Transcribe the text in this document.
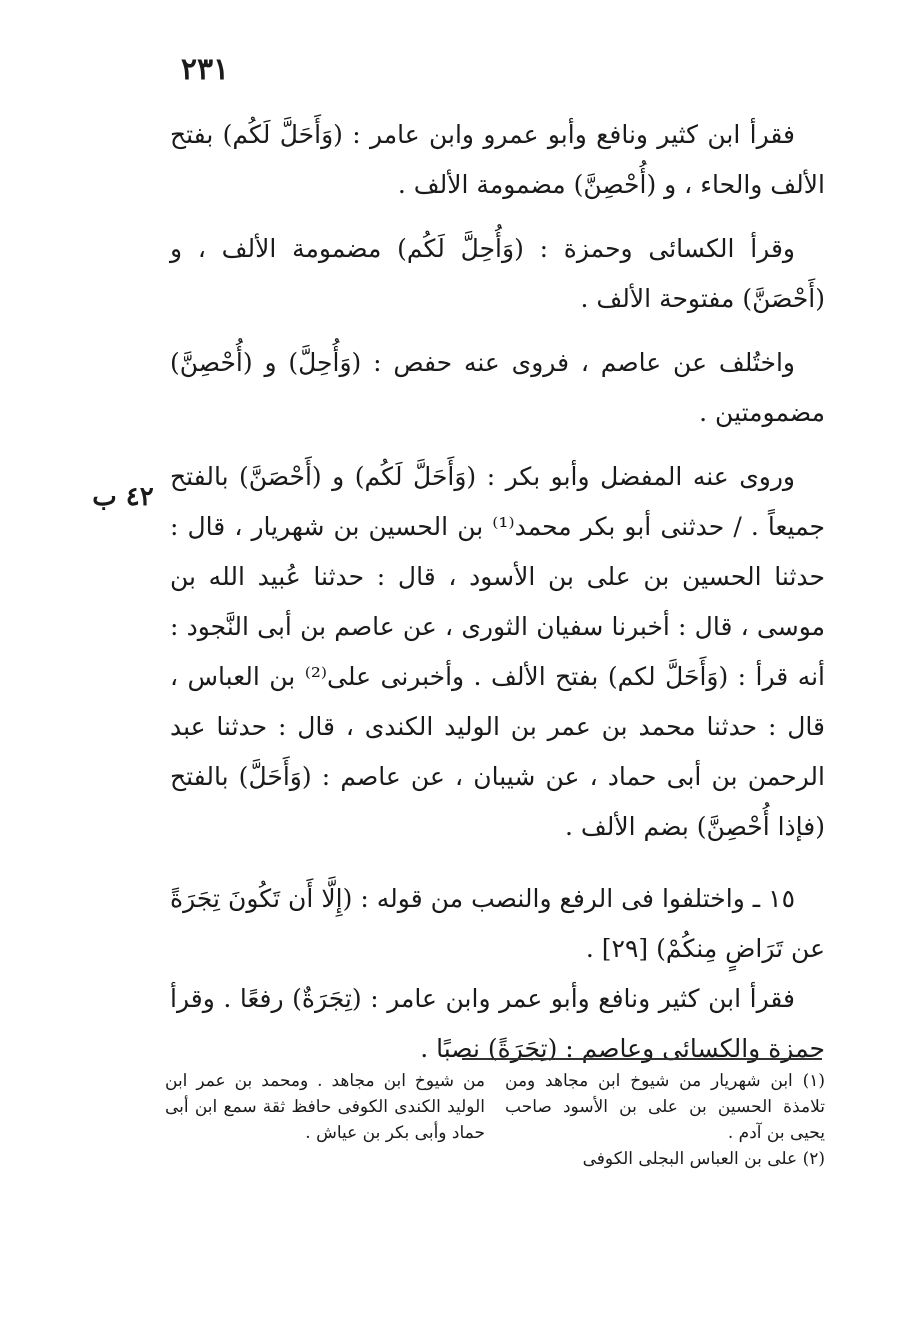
٢٣١
٤٢ ب

فقرأ ابن كثير ونافع وأبو عمرو وابن عامر : (وَأَحَلَّ لَكُم) بفتح الألف والحاء ، و (أُحْصِنَّ) مضمومة الألف .

وقرأ الكسائى وحمزة : (وَأُحِلَّ لَكُم) مضمومة الألف ، و (أَحْصَنَّ) مفتوحة الألف .

واختُلف عن عاصم ، فروى عنه حفص : (وَأُحِلَّ) و (أُحْصِنَّ) مضمومتين .

وروى عنه المفضل وأبو بكر : (وَأَحَلَّ لَكُم) و (أَحْصَنَّ) بالفتح جميعاً . / حدثنى أبو بكر محمد⁽¹⁾ بن الحسين بن شهريار ، قال : حدثنا الحسين بن على بن الأسود ، قال : حدثنا عُبيد الله بن موسى ، قال : أخبرنا سفيان الثورى ، عن عاصم بن أبى النَّجود : أنه قرأ : (وَأَحَلَّ لكم) بفتح الألف . وأخبرنى على⁽²⁾ بن العباس ، قال : حدثنا محمد بن عمر بن الوليد الكندى ، قال : حدثنا عبد الرحمن بن أبى حماد ، عن شيبان ، عن عاصم : (وَأَحَلَّ) بالفتح (فإذا أُحْصِنَّ) بضم الألف .

١٥ ـ واختلفوا فى الرفع والنصب من قوله : (إِلَّا أَن تَكُونَ تِجَرَةً عن تَرَاضٍ مِنكُمْ) [٢٩] .

فقرأ ابن كثير ونافع وأبو عمر وابن عامر : (تِجَرَةٌ) رفعًا . وقرأ حمزة والكسائى وعاصم : (تِجَرَةً) نصبًا .

(١) ابن شهريار من شيوخ ابن مجاهد ومن تلامذة الحسين بن على بن الأسود صاحب يحيى بن آدم .

من شيوخ ابن مجاهد . ومحمد بن عمر ابن الوليد الكندى الكوفى حافظ ثقة سمع ابن أبى حماد وأبى بكر بن عياش .

(٢) على بن العباس البجلى الكوفى
